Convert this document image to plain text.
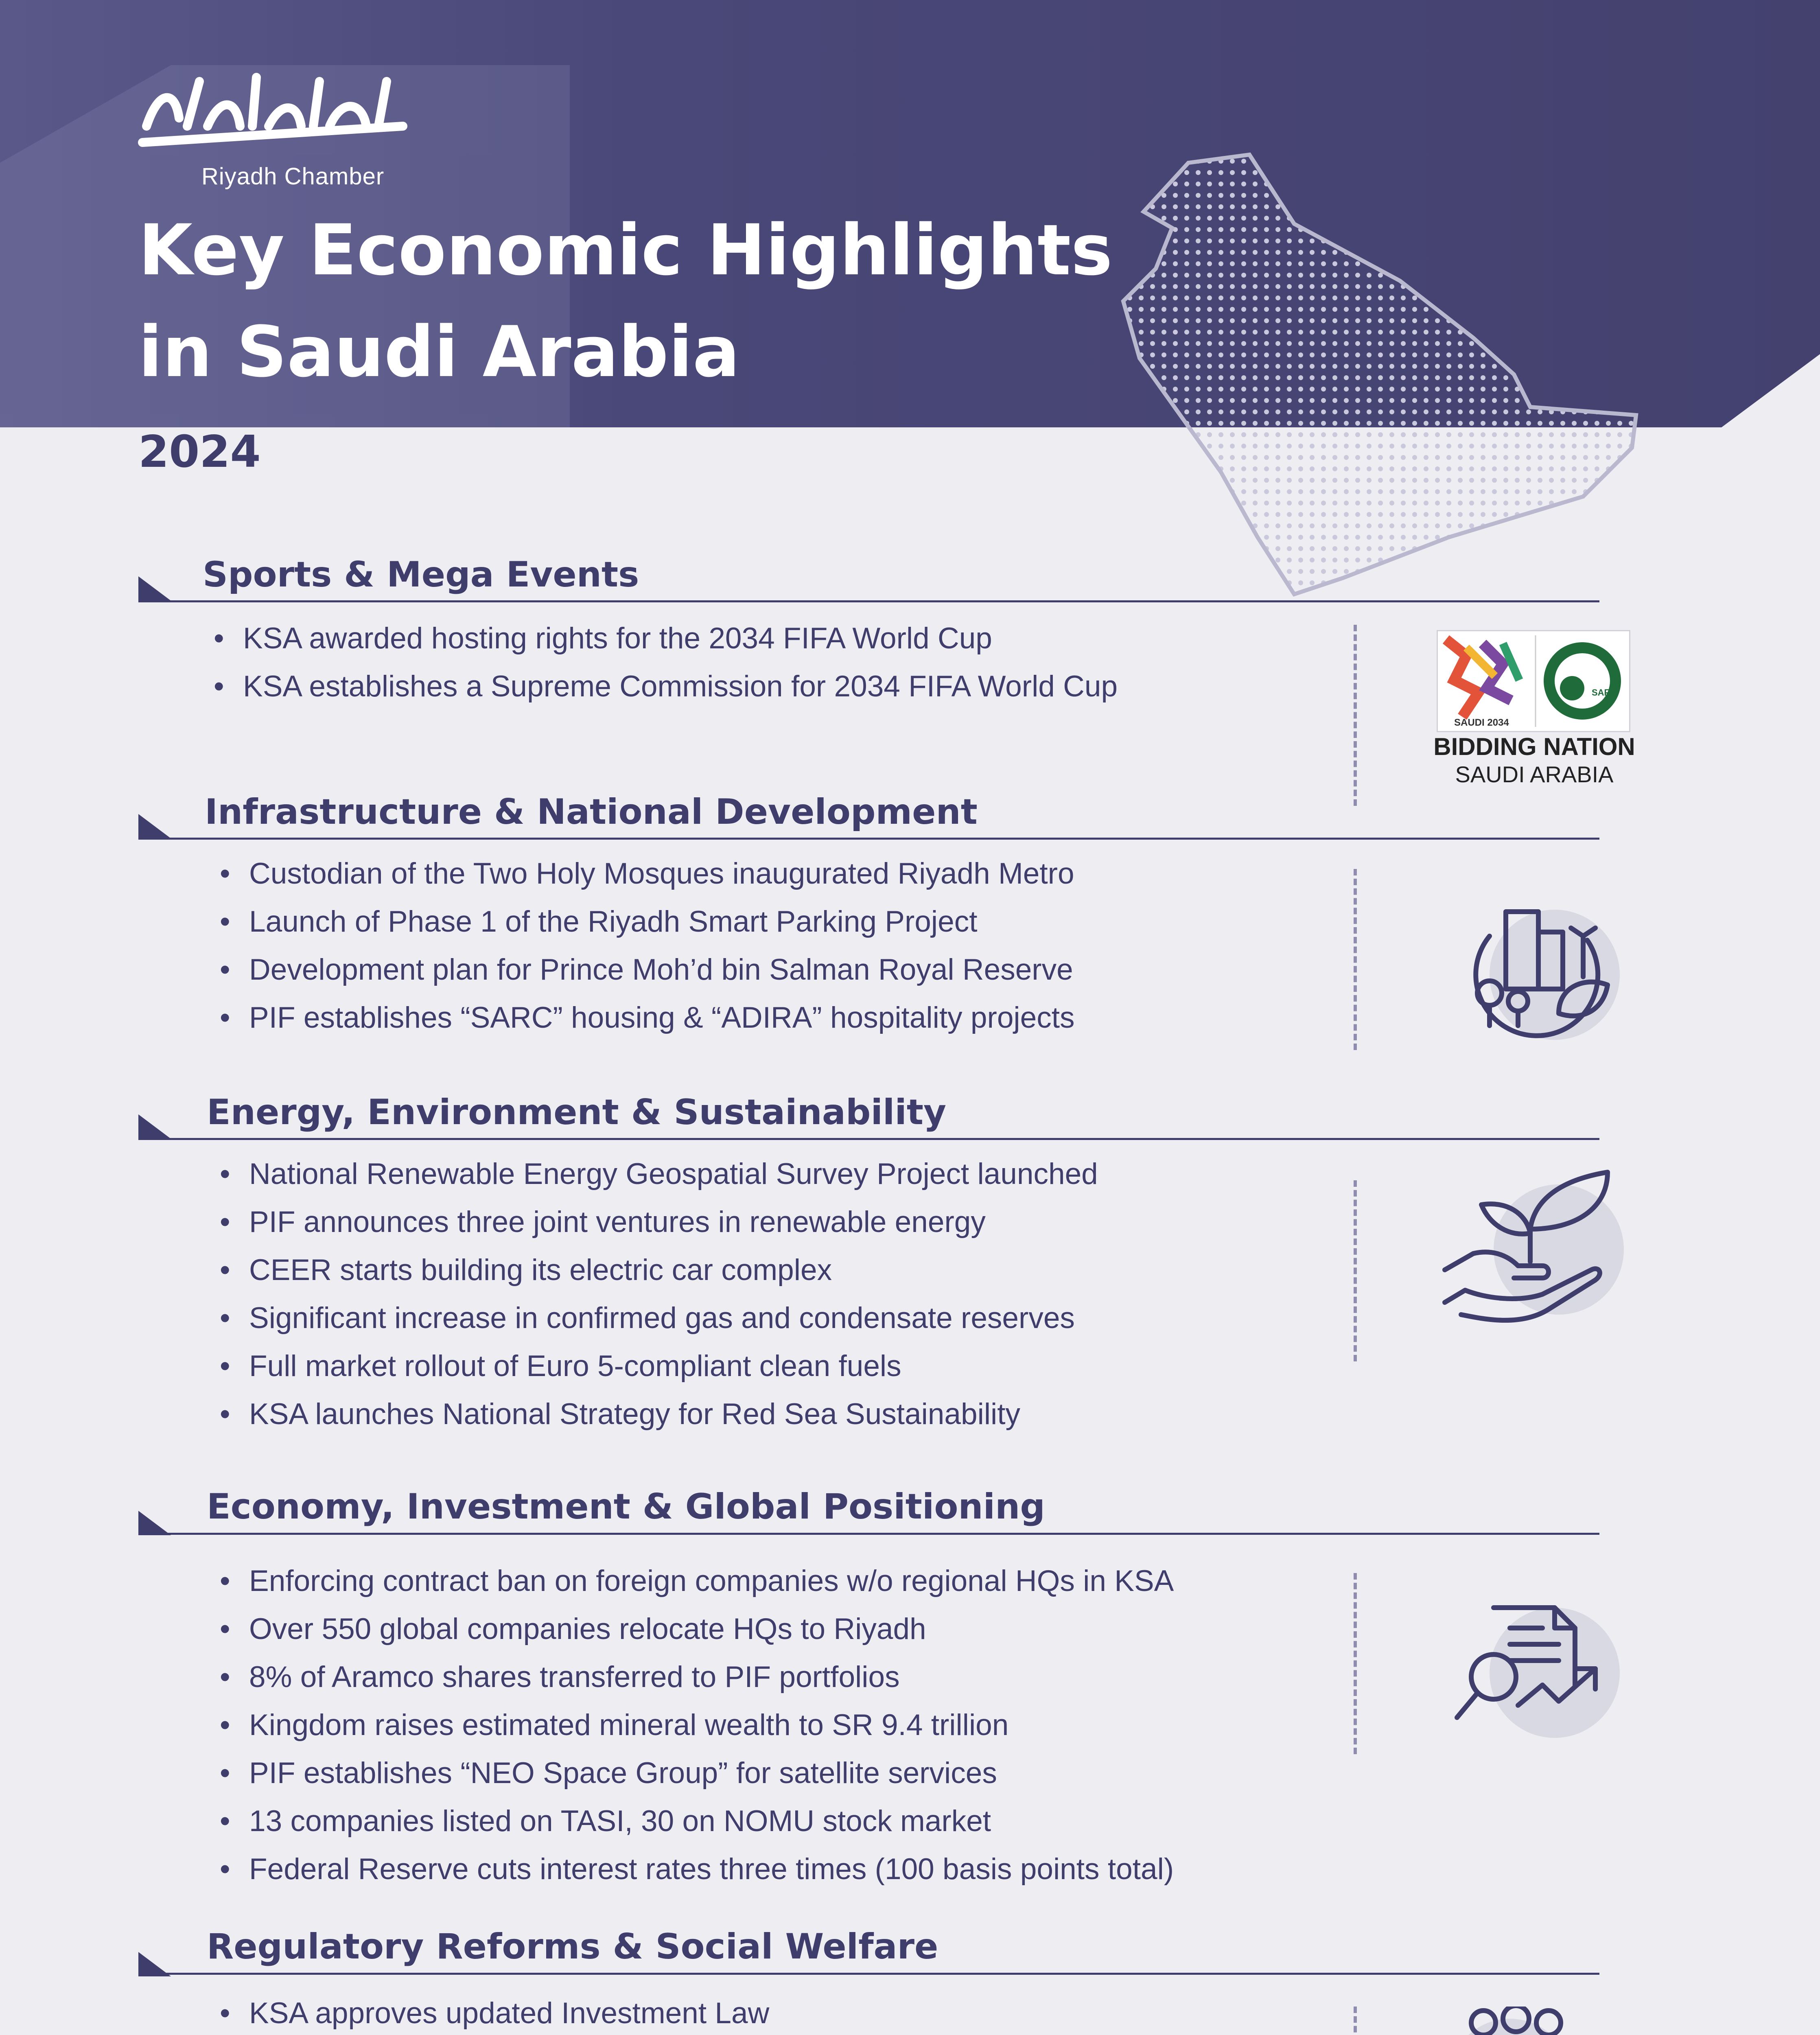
Riyadh Chamber
Key Economic Highlights
in Saudi Arabia
2024
Sports & Mega Events
• KSA awarded hosting rights for the 2034 FIFA World Cup
• KSA establishes a Supreme Commission for 2034 FIFA World Cup
SAUDI 2034
SAFF
BIDDING NATION
SAUDI ARABIA
Infrastructure & National Development
• Custodian of the Two Holy Mosques inaugurated Riyadh Metro
• Launch of Phase 1 of the Riyadh Smart Parking Project
• Development plan for Prince Moh’d bin Salman Royal Reserve
• PIF establishes “SARC” housing & “ADIRA” hospitality projects
Energy, Environment & Sustainability
• National Renewable Energy Geospatial Survey Project launched
• PIF announces three joint ventures in renewable energy
• CEER starts building its electric car complex
• Significant increase in confirmed gas and condensate reserves
• Full market rollout of Euro 5-compliant clean fuels
• KSA launches National Strategy for Red Sea Sustainability
Economy, Investment & Global Positioning
• Enforcing contract ban on foreign companies w/o regional HQs in KSA
• Over 550 global companies relocate HQs to Riyadh
• 8% of Aramco shares transferred to PIF portfolios
• Kingdom raises estimated mineral wealth to SR 9.4 trillion
• PIF establishes “NEO Space Group” for satellite services
• 13 companies listed on TASI, 30 on NOMU stock market
• Federal Reserve cuts interest rates three times (100 basis points total)
Regulatory Reforms & Social Welfare
• KSA approves updated Investment Law
